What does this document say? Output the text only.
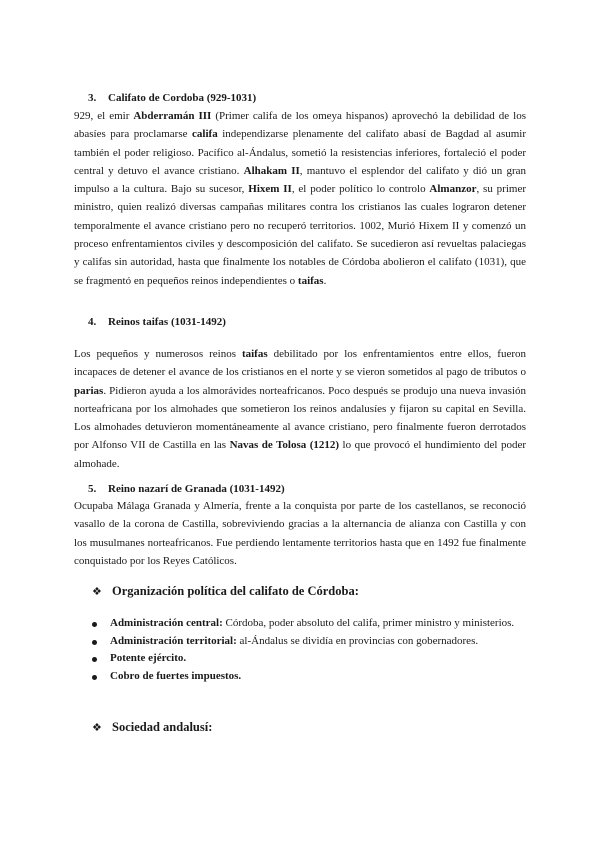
3. Califato de Cordoba (929-1031)

929, el emir Abderramán III (Primer califa de los omeya hispanos) aprovechó la debilidad de los abasíes para proclamarse califa independizarse plenamente del califato abasí de Bagdad al asumir también el poder religioso. Pacífico al-Ándalus, sometió la resistencias inferiores, fortaleció el poder central y detuvo el avance cristiano. Alhakam II, mantuvo el esplendor del califato y dió un gran impulso a la cultura. Bajo su sucesor, Hixem II, el poder político lo controlo Almanzor, su primer ministro, quien realizó diversas campañas militares contra los cristianos las cuales lograron detener temporalmente el avance cristiano pero no recuperó territorios. 1002, Murió Hixem II y comenzó un proceso enfrentamientos civiles y descomposición del califato. Se sucedieron así revueltas palaciegas y califas sin autoridad, hasta que finalmente los notables de Córdoba abolieron el califato (1031), que se fragmentó en pequeños reinos independientes o taifas.

4. Reinos taifas (1031-1492)

Los pequeños y numerosos reinos taifas debilitado por los enfrentamientos entre ellos, fueron incapaces de detener el avance de los cristianos en el norte y se vieron sometidos al pago de tributos o parias. Pidieron ayuda a los almorávides norteafricanos. Poco después se produjo una nueva invasión norteafricana por los almohades que sometieron los reinos andalusíes y fijaron su capital en Sevilla. Los almohades detuvieron momentáneamente al avance cristiano, pero finalmente fueron derrotados por Alfonso VII de Castilla en las Navas de Tolosa (1212) lo que provocó el hundimiento del poder almohade.

5. Reino nazarí de Granada (1031-1492)

Ocupaba Málaga Granada y Almería, frente a la conquista por parte de los castellanos, se reconoció vasallo de la corona de Castilla, sobreviviendo gracias a la alternancia de alianza con Castilla y con los musulmanes norteafricanos. Fue perdiendo lentamente territorios hasta que en 1492 fue finalmente conquistado por los Reyes Católicos.

❖ Organización política del califato de Córdoba:

Administración central: Córdoba, poder absoluto del califa, primer ministro y ministerios.
Administración territorial: al-Ándalus se dividía en provincias con gobernadores.
Potente ejército.
Cobro de fuertes impuestos.

❖ Sociedad andalusí:
